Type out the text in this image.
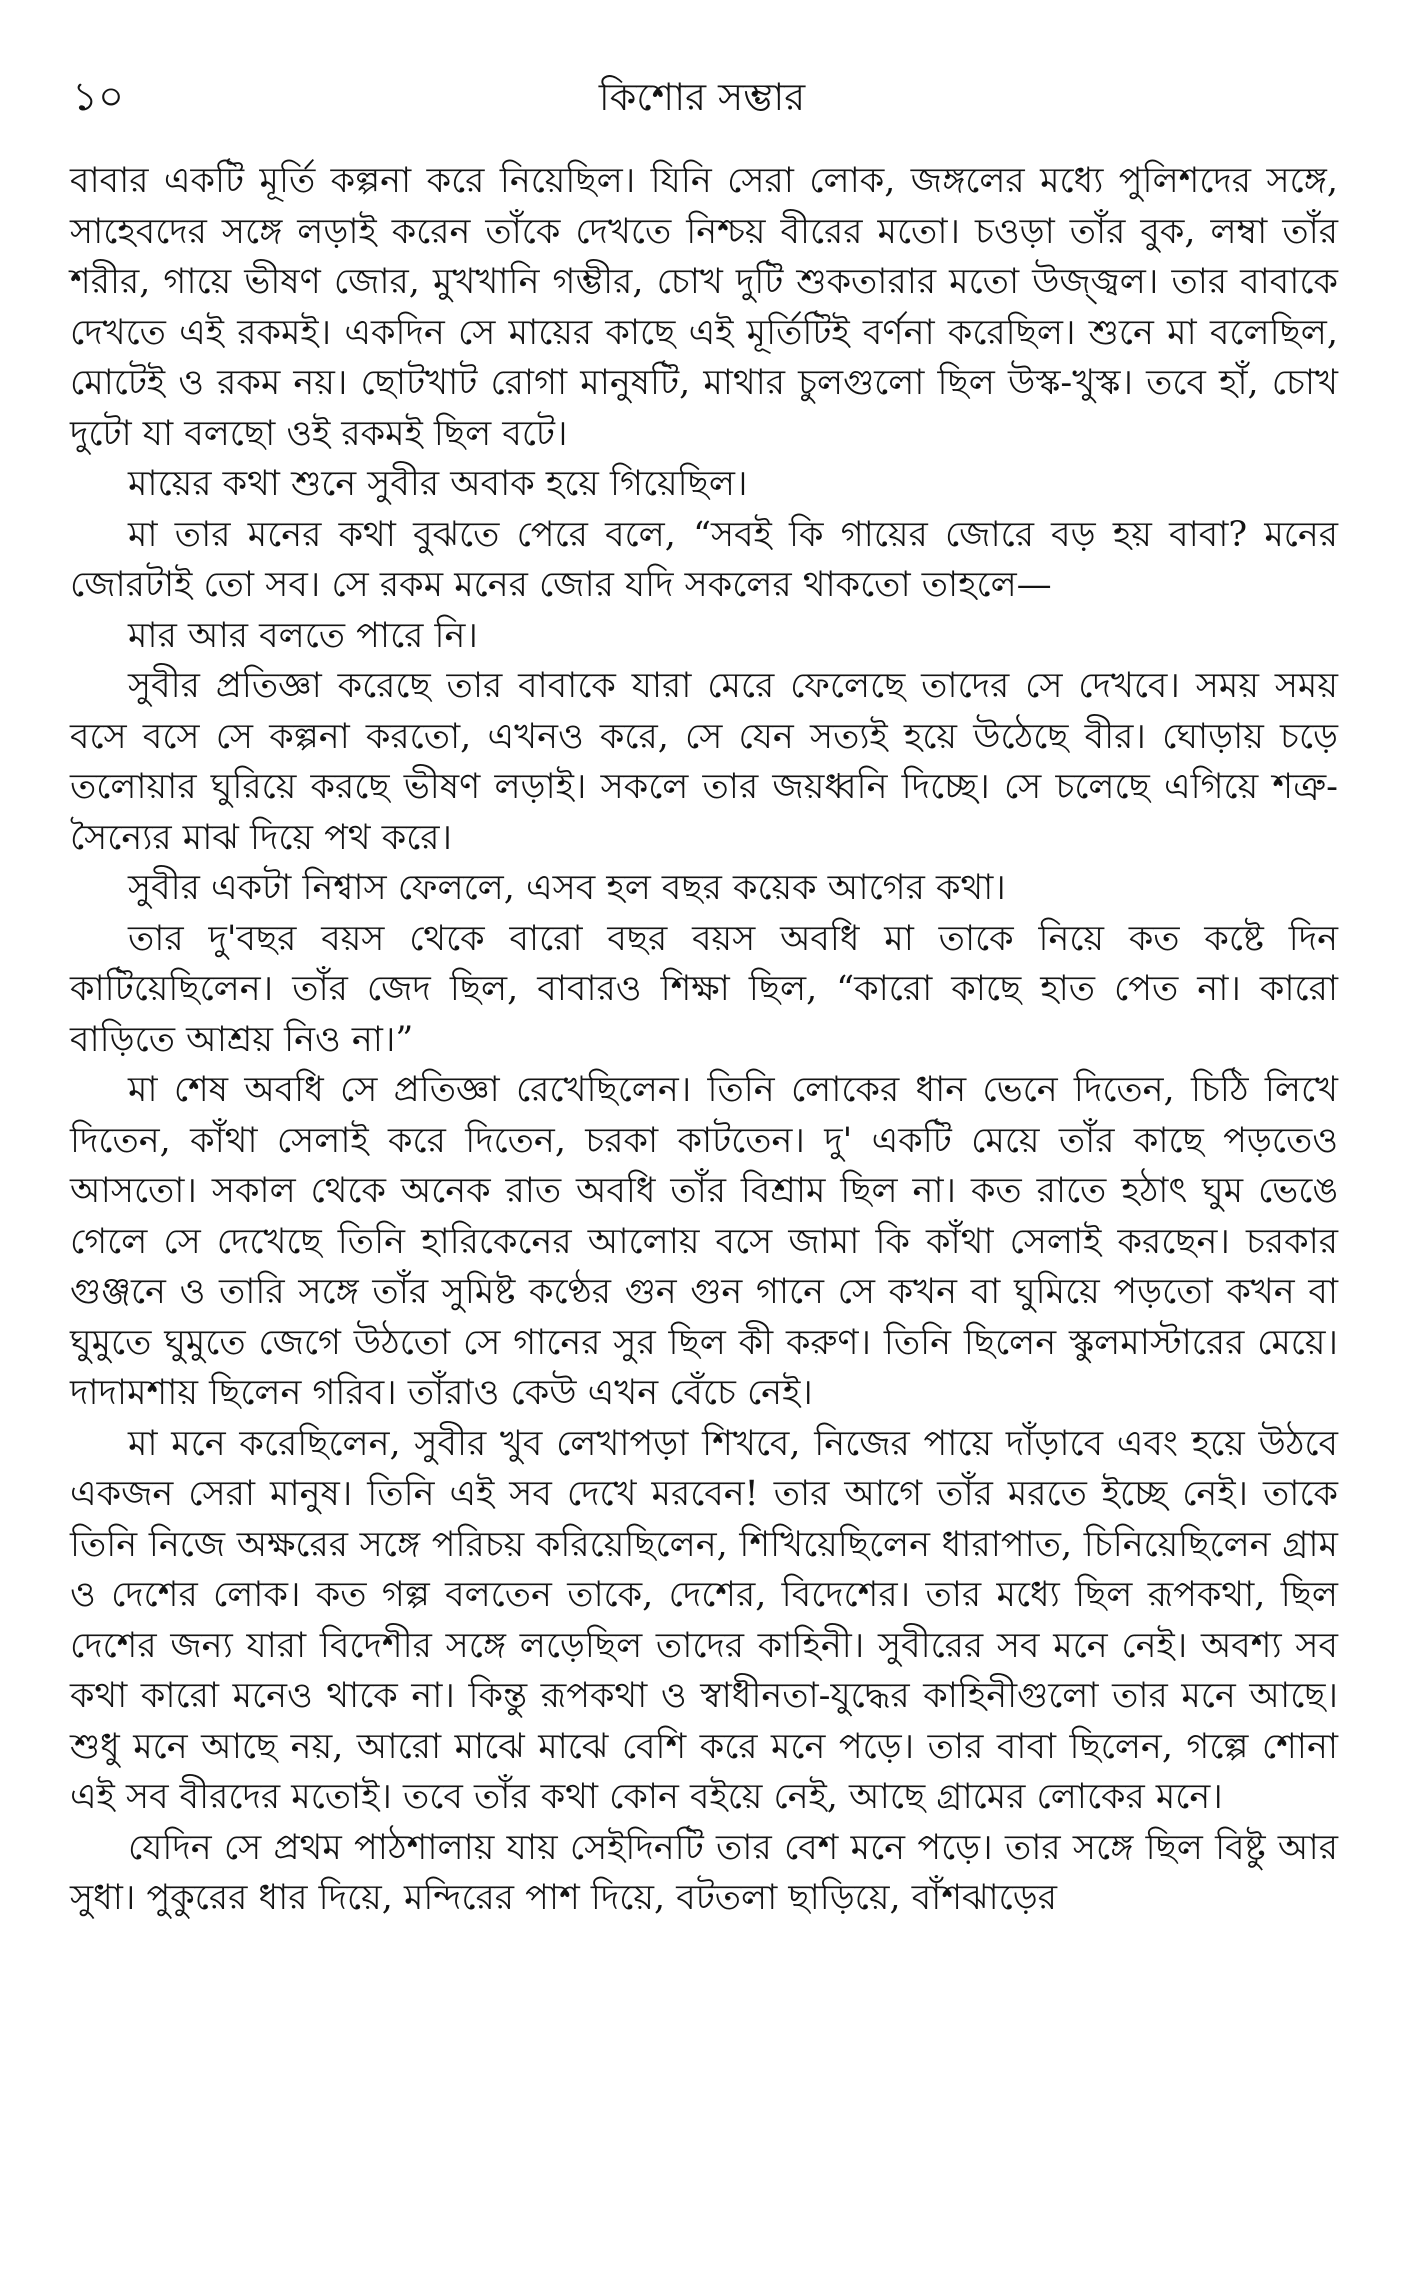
১০	কিশোর সম্ভার

বাবার একটি মূর্তি কল্পনা করে নিয়েছিল। যিনি সেরা লোক, জঙ্গলের মধ্যে পুলিশদের সঙ্গে, সাহেবদের সঙ্গে লড়াই করেন তাঁকে দেখতে নিশ্চয় বীরের মতো। চওড়া তাঁর বুক, লম্বা তাঁর শরীর, গায়ে ভীষণ জোর, মুখখানি গম্ভীর, চোখ দুটি শুকতারার মতো উজ্জ্বল। তার বাবাকে দেখতে এই রকমই। একদিন সে মায়ের কাছে এই মূর্তিটিই বর্ণনা করেছিল। শুনে মা বলেছিল, মোটেই ও রকম নয়। ছোটখাট রোগা মানুষটি, মাথার চুলগুলো ছিল উস্ক-খুস্ক। তবে হাঁ, চোখ দুটো যা বলছো ওই রকমই ছিল বটে।

মায়ের কথা শুনে সুবীর অবাক হয়ে গিয়েছিল।

মা তার মনের কথা বুঝতে পেরে বলে, “সবই কি গায়ের জোরে বড় হয় বাবা? মনের জোরটাই তো সব। সে রকম মনের জোর যদি সকলের থাকতো তাহলে—

মার আর বলতে পারে নি।

সুবীর প্রতিজ্ঞা করেছে তার বাবাকে যারা মেরে ফেলেছে তাদের সে দেখবে। সময় সময় বসে বসে সে কল্পনা করতো, এখনও করে, সে যেন সত্যই হয়ে উঠেছে বীর। ঘোড়ায় চড়ে তলোয়ার ঘুরিয়ে করছে ভীষণ লড়াই। সকলে তার জয়ধ্বনি দিচ্ছে। সে চলেছে এগিয়ে শত্রু-সৈন্যের মাঝ দিয়ে পথ করে।

সুবীর একটা নিশ্বাস ফেললে, এসব হল বছর কয়েক আগের কথা।

তার দু'বছর বয়স থেকে বারো বছর বয়স অবধি মা তাকে নিয়ে কত কষ্টে দিন কাটিয়েছিলেন। তাঁর জেদ ছিল, বাবারও শিক্ষা ছিল, “কারো কাছে হাত পেত না। কারো বাড়িতে আশ্রয় নিও না।”

মা শেষ অবধি সে প্রতিজ্ঞা রেখেছিলেন। তিনি লোকের ধান ভেনে দিতেন, চিঠি লিখে দিতেন, কাঁথা সেলাই করে দিতেন, চরকা কাটতেন। দু' একটি মেয়ে তাঁর কাছে পড়তেও আসতো। সকাল থেকে অনেক রাত অবধি তাঁর বিশ্রাম ছিল না। কত রাতে হঠাৎ ঘুম ভেঙে গেলে সে দেখেছে তিনি হারিকেনের আলোয় বসে জামা কি কাঁথা সেলাই করছেন। চরকার গুঞ্জনে ও তারি সঙ্গে তাঁর সুমিষ্ট কণ্ঠের গুন গুন গানে সে কখন বা ঘুমিয়ে পড়তো কখন বা ঘুমুতে ঘুমুতে জেগে উঠতো সে গানের সুর ছিল কী করুণ। তিনি ছিলেন স্কুলমাস্টারের মেয়ে। দাদামশায় ছিলেন গরিব। তাঁরাও কেউ এখন বেঁচে নেই।

মা মনে করেছিলেন, সুবীর খুব লেখাপড়া শিখবে, নিজের পায়ে দাঁড়াবে এবং হয়ে উঠবে একজন সেরা মানুষ। তিনি এই সব দেখে মরবেন! তার আগে তাঁর মরতে ইচ্ছে নেই। তাকে তিনি নিজে অক্ষরের সঙ্গে পরিচয় করিয়েছিলেন, শিখিয়েছিলেন ধারাপাত, চিনিয়েছিলেন গ্রাম ও দেশের লোক। কত গল্প বলতেন তাকে, দেশের, বিদেশের। তার মধ্যে ছিল রূপকথা, ছিল দেশের জন্য যারা বিদেশীর সঙ্গে লড়েছিল তাদের কাহিনী। সুবীরের সব মনে নেই। অবশ্য সব কথা কারো মনেও থাকে না। কিন্তু রূপকথা ও স্বাধীনতা-যুদ্ধের কাহিনীগুলো তার মনে আছে। শুধু মনে আছে নয়, আরো মাঝে মাঝে বেশি করে মনে পড়ে। তার বাবা ছিলেন, গল্পে শোনা এই সব বীরদের মতোই। তবে তাঁর কথা কোন বইয়ে নেই, আছে গ্রামের লোকের মনে।

যেদিন সে প্রথম পাঠশালায় যায় সেইদিনটি তার বেশ মনে পড়ে। তার সঙ্গে ছিল বিষ্টু আর সুধা। পুকুরের ধার দিয়ে, মন্দিরের পাশ দিয়ে, বটতলা ছাড়িয়ে, বাঁশঝাড়ের
